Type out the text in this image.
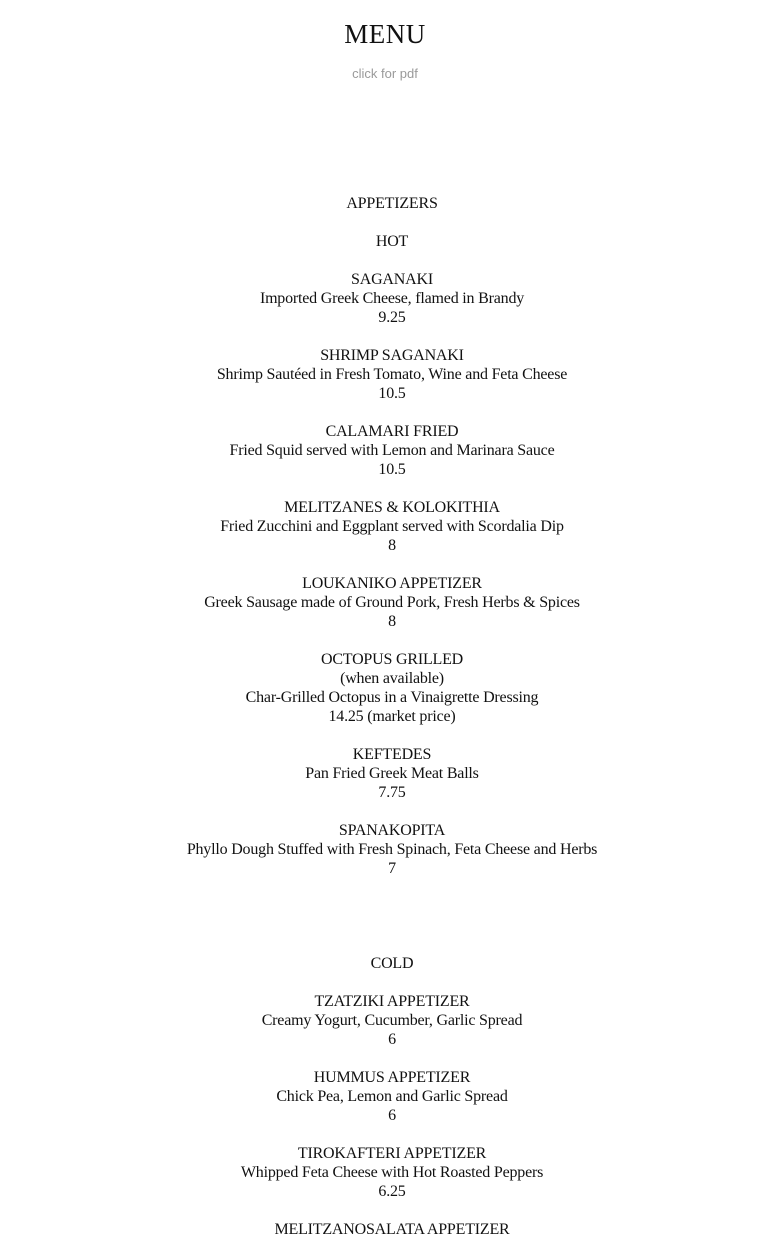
MENU
click for pdf
APPETIZERS
HOT
SAGANAKI
Imported Greek Cheese, flamed in Brandy
9.25
SHRIMP SAGANAKI
Shrimp Sautéed in Fresh Tomato, Wine and Feta Cheese
10.5
CALAMARI FRIED
Fried Squid served with Lemon and Marinara Sauce
10.5
MELITZANES & KOLOKITHIA
Fried Zucchini and Eggplant served with Scordalia Dip
8
LOUKANIKO APPETIZER
Greek Sausage made of Ground Pork, Fresh Herbs & Spices
8
OCTOPUS GRILLED
(when available)
Char-Grilled Octopus in a Vinaigrette Dressing
14.25 (market price)
KEFTEDES
Pan Fried Greek Meat Balls
7.75
SPANAKOPITA
Phyllo Dough Stuffed with Fresh Spinach, Feta Cheese and Herbs
7
COLD
TZATZIKI APPETIZER
Creamy Yogurt, Cucumber, Garlic Spread
6
HUMMUS APPETIZER
Chick Pea, Lemon and Garlic Spread
6
TIROKAFTERI APPETIZER
Whipped Feta Cheese with Hot Roasted Peppers
6.25
MELITZANOSALATA APPETIZER
